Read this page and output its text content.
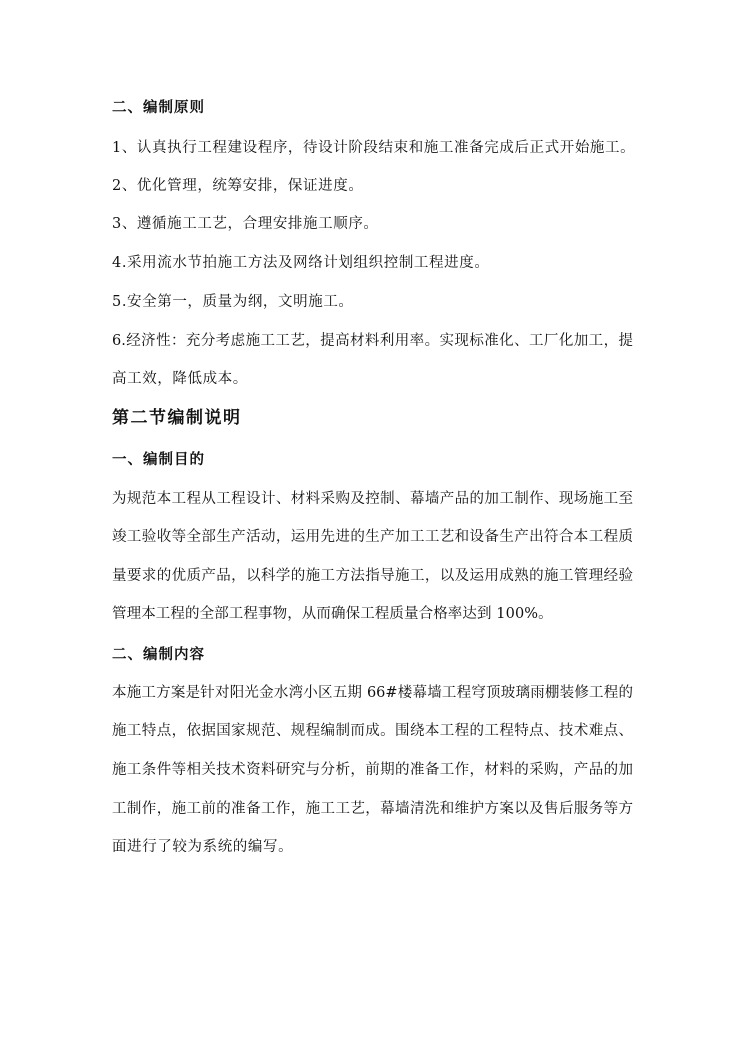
二、编制原则
1、认真执行工程建设程序，待设计阶段结束和施工准备完成后正式开始施工。
2、优化管理，统筹安排，保证进度。
3、遵循施工工艺，合理安排施工顺序。
4.采用流水节拍施工方法及网络计划组织控制工程进度。
5.安全第一，质量为纲，文明施工。
6.经济性：充分考虑施工工艺，提高材料利用率。实现标准化、工厂化加工，提
高工效，降低成本。
第二节编制说明
一、编制目的
为规范本工程从工程设计、材料采购及控制、幕墙产品的加工制作、现场施工至
竣工验收等全部生产活动，运用先进的生产加工工艺和设备生产出符合本工程质
量要求的优质产品，以科学的施工方法指导施工，以及运用成熟的施工管理经验
管理本工程的全部工程事物，从而确保工程质量合格率达到 100%。
二、编制内容
本施工方案是针对阳光金水湾小区五期 66#楼幕墙工程穹顶玻璃雨棚装修工程的
施工特点，依据国家规范、规程编制而成。围绕本工程的工程特点、技术难点、
施工条件等相关技术资料研究与分析，前期的准备工作，材料的采购，产品的加
工制作，施工前的准备工作，施工工艺，幕墙清洗和维护方案以及售后服务等方
面进行了较为系统的编写。
